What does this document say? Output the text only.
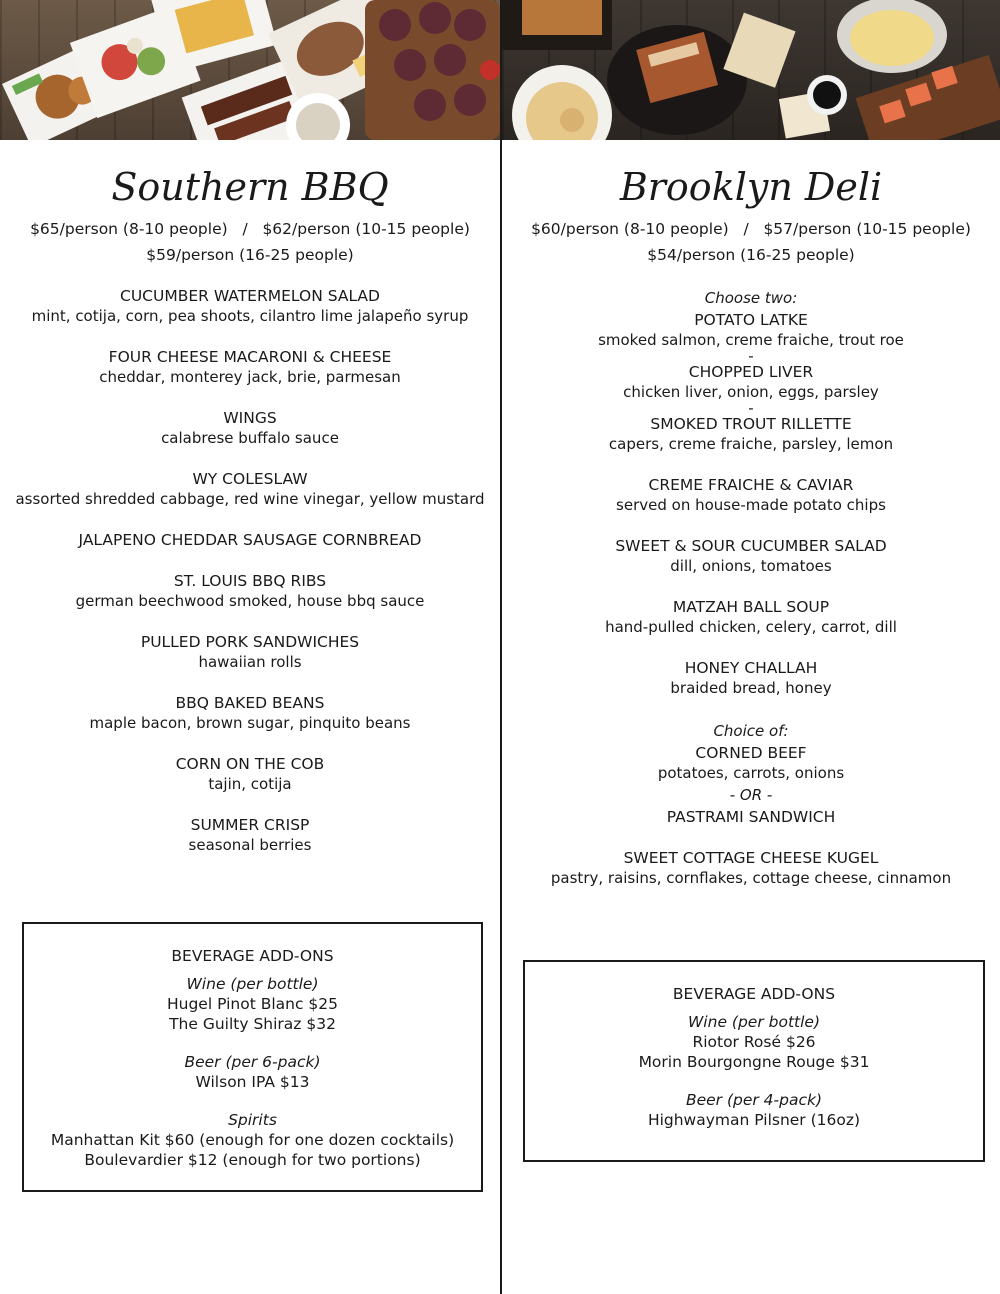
Southern BBQ
$65/person (8-10 people)   /   $62/person (10-15 people)
$59/person (16-25 people)
CUCUMBER WATERMELON SALAD
mint, cotija, corn, pea shoots, cilantro lime jalapeño syrup
FOUR CHEESE MACARONI & CHEESE
cheddar, monterey jack, brie, parmesan
WINGS
calabrese buffalo sauce
WY COLESLAW
assorted shredded cabbage, red wine vinegar, yellow mustard
JALAPENO CHEDDAR SAUSAGE CORNBREAD
ST. LOUIS BBQ RIBS
german beechwood smoked, house bbq sauce
PULLED PORK SANDWICHES
hawaiian rolls
BBQ BAKED BEANS
maple bacon, brown sugar, pinquito beans
CORN ON THE COB
tajin, cotija
SUMMER CRISP
seasonal berries
BEVERAGE ADD-ONS
Wine (per bottle)
Hugel Pinot Blanc $25
The Guilty Shiraz $32
Beer (per 6-pack)
Wilson IPA $13
Spirits
Manhattan Kit $60 (enough for one dozen cocktails)
Boulevardier $12 (enough for two portions)
Brooklyn Deli
$60/person (8-10 people)   /   $57/person (10-15 people)
$54/person (16-25 people)
Choose two:
POTATO LATKE
smoked salmon, creme fraiche, trout roe
-
CHOPPED LIVER
chicken liver, onion, eggs, parsley
-
SMOKED TROUT RILLETTE
capers, creme fraiche, parsley, lemon
CREME FRAICHE & CAVIAR
served on house-made potato chips
SWEET & SOUR CUCUMBER SALAD
dill, onions, tomatoes
MATZAH BALL SOUP
hand-pulled chicken, celery, carrot, dill
HONEY CHALLAH
braided bread, honey
Choice of:
CORNED BEEF
potatoes, carrots, onions
- OR -
PASTRAMI SANDWICH
SWEET COTTAGE CHEESE KUGEL
pastry, raisins, cornflakes, cottage cheese, cinnamon
BEVERAGE ADD-ONS
Wine (per bottle)
Riotor Rosé $26
Morin Bourgongne Rouge $31
Beer (per 4-pack)
Highwayman Pilsner (16oz)
